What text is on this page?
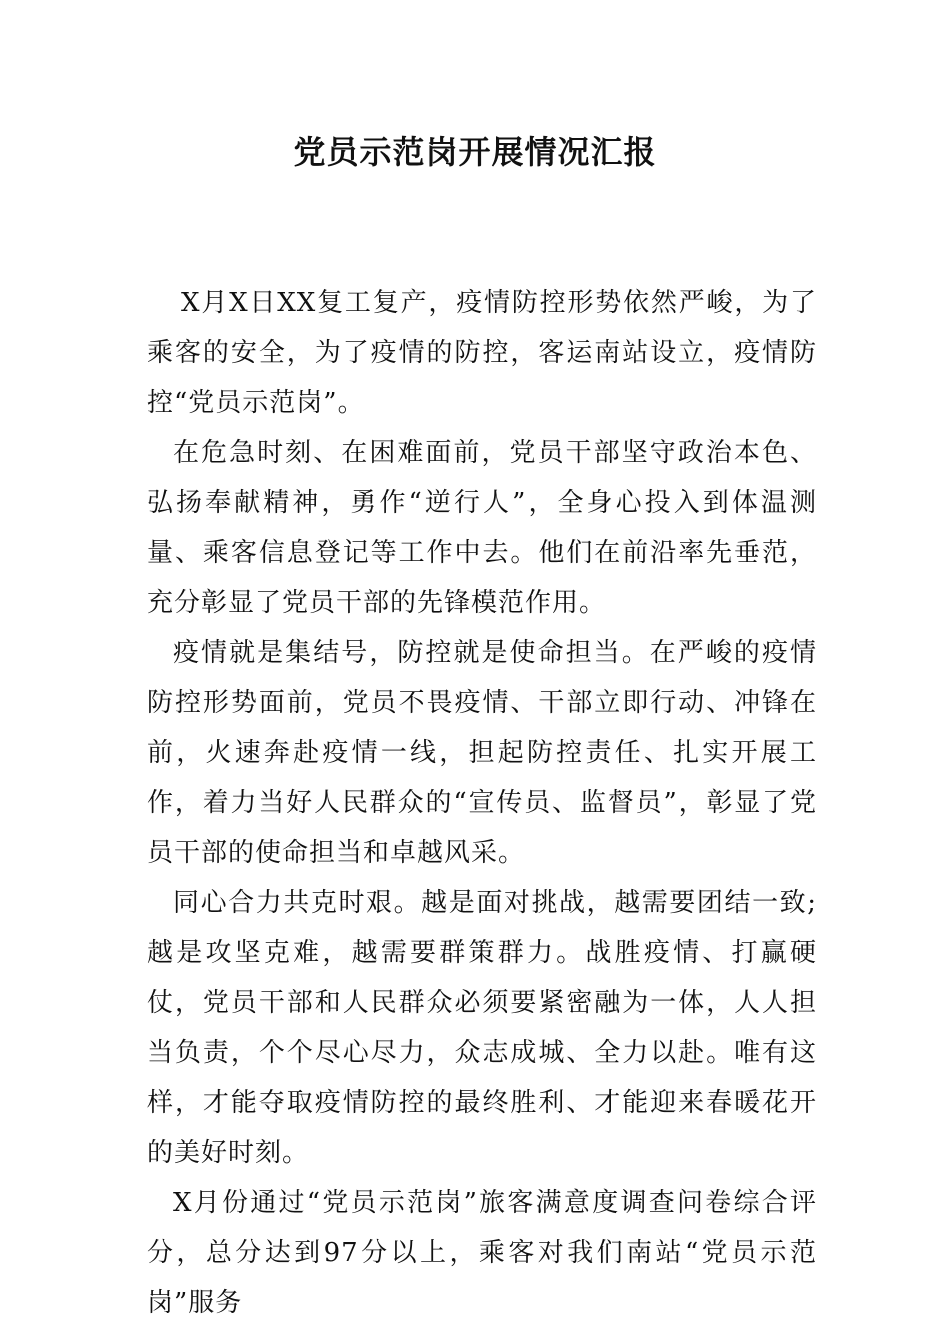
党员示范岗开展情况汇报

X月X日XX复工复产，疫情防控形势依然严峻，为了乘客的安全，为了疫情的防控，客运南站设立，疫情防控“党员示范岗”。

在危急时刻、在困难面前，党员干部坚守政治本色、弘扬奉献精神，勇作“逆行人”，全身心投入到体温测量、乘客信息登记等工作中去。他们在前沿率先垂范，充分彰显了党员干部的先锋模范作用。

疫情就是集结号，防控就是使命担当。在严峻的疫情防控形势面前，党员不畏疫情、干部立即行动、冲锋在前，火速奔赴疫情一线，担起防控责任、扎实开展工作，着力当好人民群众的“宣传员、监督员”，彰显了党员干部的使命担当和卓越风采。

同心合力共克时艰。越是面对挑战，越需要团结一致;越是攻坚克难，越需要群策群力。战胜疫情、打赢硬仗，党员干部和人民群众必须要紧密融为一体，人人担当负责，个个尽心尽力，众志成城、全力以赴。唯有这样，才能夺取疫情防控的最终胜利、才能迎来春暖花开的美好时刻。

X月份通过“党员示范岗”旅客满意度调查问卷综合评分，总分达到97分以上，乘客对我们南站“党员示范岗”服务
